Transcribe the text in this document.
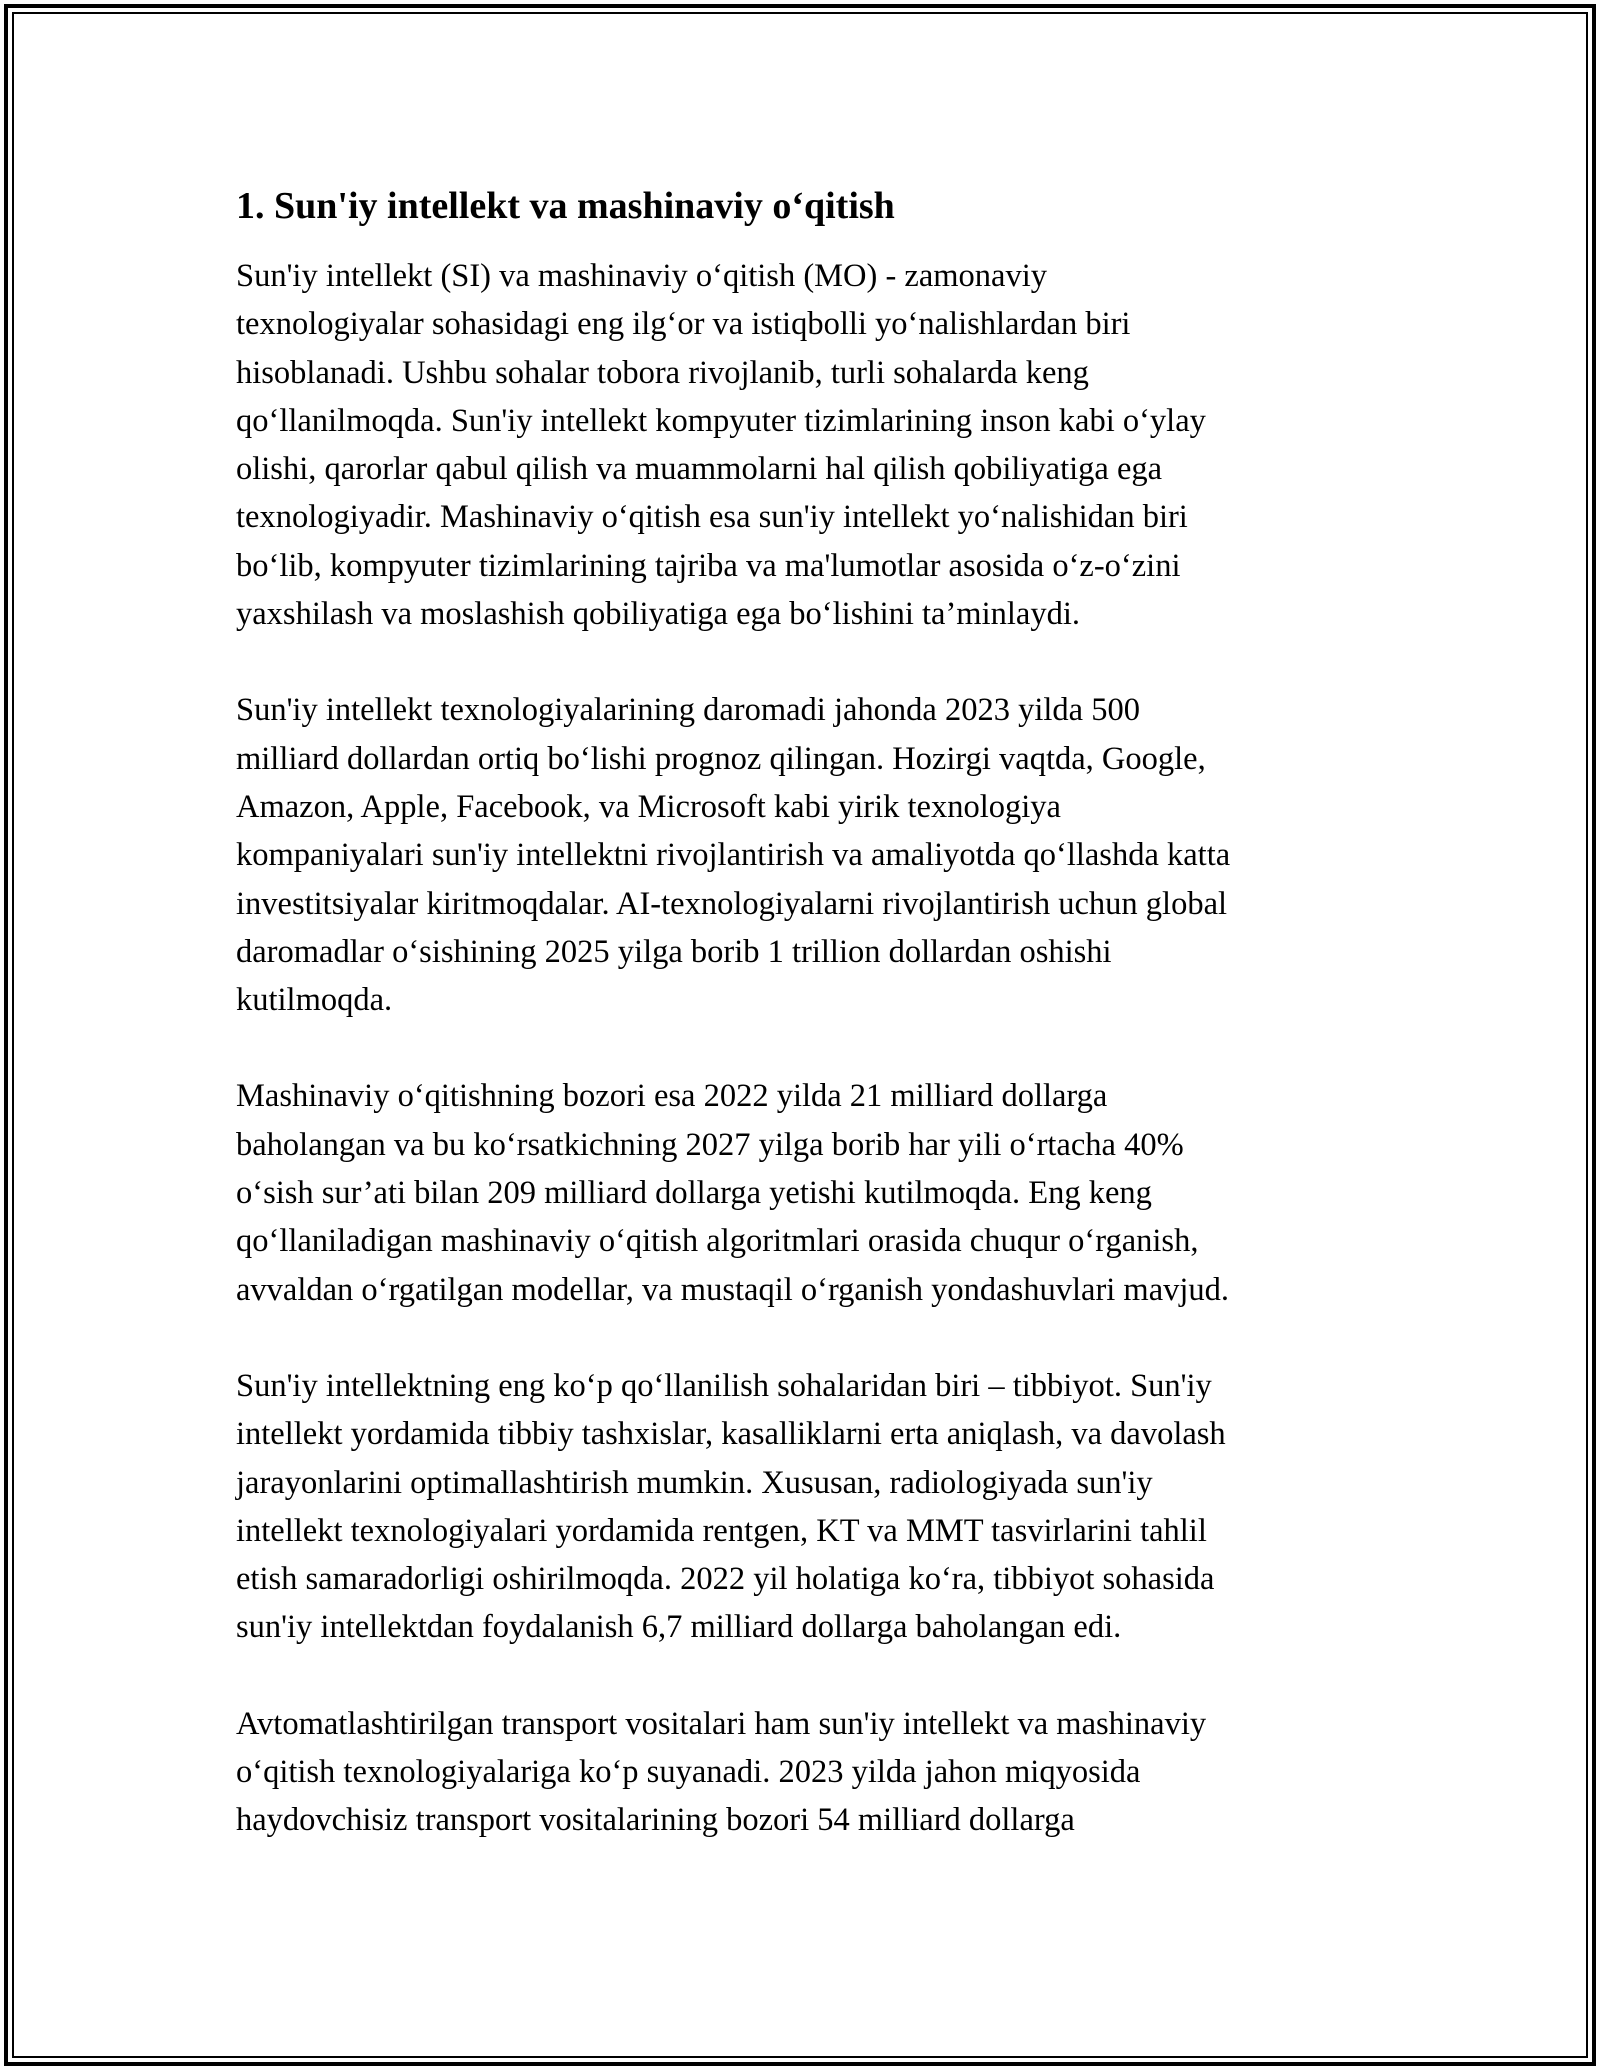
1. Sun'iy intellekt va mashinaviy o‘qitish

Sun'iy intellekt (SI) va mashinaviy o‘qitish (MO) - zamonaviy
texnologiyalar sohasidagi eng ilg‘or va istiqbolli yo‘nalishlardan biri
hisoblanadi. Ushbu sohalar tobora rivojlanib, turli sohalarda keng
qo‘llanilmoqda. Sun'iy intellekt kompyuter tizimlarining inson kabi o‘ylay
olishi, qarorlar qabul qilish va muammolarni hal qilish qobiliyatiga ega
texnologiyadir. Mashinaviy o‘qitish esa sun'iy intellekt yo‘nalishidan biri
bo‘lib, kompyuter tizimlarining tajriba va ma'lumotlar asosida o‘z-o‘zini
yaxshilash va moslashish qobiliyatiga ega bo‘lishini ta’minlaydi.

Sun'iy intellekt texnologiyalarining daromadi jahonda 2023 yilda 500
milliard dollardan ortiq bo‘lishi prognoz qilingan. Hozirgi vaqtda, Google,
Amazon, Apple, Facebook, va Microsoft kabi yirik texnologiya
kompaniyalari sun'iy intellektni rivojlantirish va amaliyotda qo‘llashda katta
investitsiyalar kiritmoqdalar. AI-texnologiyalarni rivojlantirish uchun global
daromadlar o‘sishining 2025 yilga borib 1 trillion dollardan oshishi
kutilmoqda.

Mashinaviy o‘qitishning bozori esa 2022 yilda 21 milliard dollarga
baholangan va bu ko‘rsatkichning 2027 yilga borib har yili o‘rtacha 40%
o‘sish sur’ati bilan 209 milliard dollarga yetishi kutilmoqda. Eng keng
qo‘llaniladigan mashinaviy o‘qitish algoritmlari orasida chuqur o‘rganish,
avvaldan o‘rgatilgan modellar, va mustaqil o‘rganish yondashuvlari mavjud.

Sun'iy intellektning eng ko‘p qo‘llanilish sohalaridan biri – tibbiyot. Sun'iy
intellekt yordamida tibbiy tashxislar, kasalliklarni erta aniqlash, va davolash
jarayonlarini optimallashtirish mumkin. Xususan, radiologiyada sun'iy
intellekt texnologiyalari yordamida rentgen, KT va MMT tasvirlarini tahlil
etish samaradorligi oshirilmoqda. 2022 yil holatiga ko‘ra, tibbiyot sohasida
sun'iy intellektdan foydalanish 6,7 milliard dollarga baholangan edi.

Avtomatlashtirilgan transport vositalari ham sun'iy intellekt va mashinaviy
o‘qitish texnologiyalariga ko‘p suyanadi. 2023 yilda jahon miqyosida
haydovchisiz transport vositalarining bozori 54 milliard dollarga
